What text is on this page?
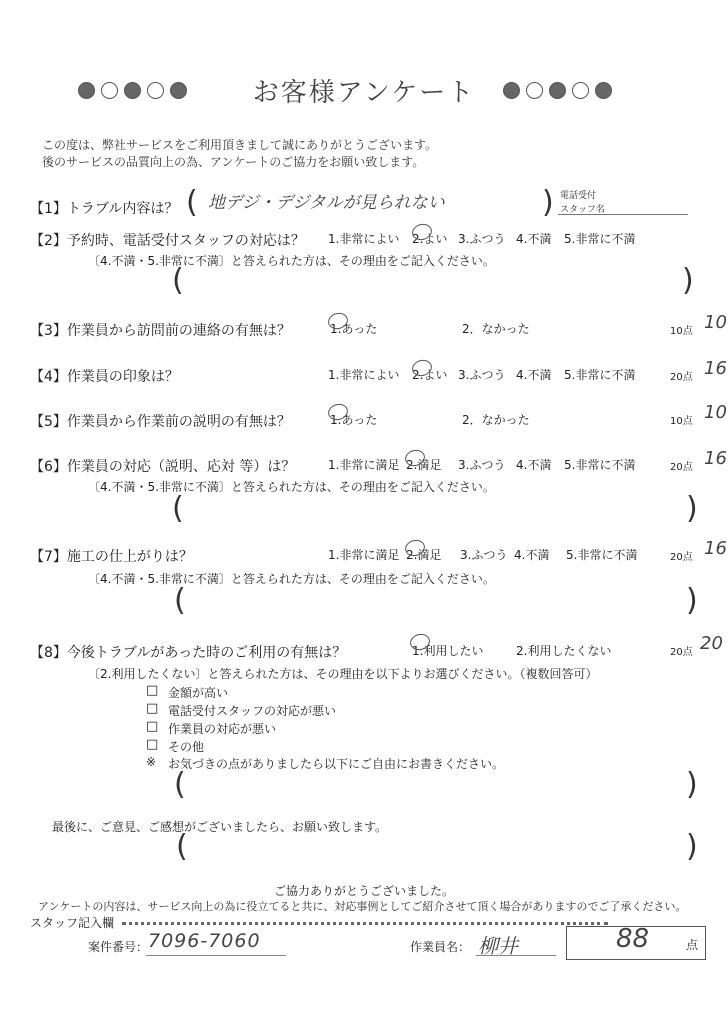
お客様アンケート
この度は、弊社サービスをご利用頂きまして誠にありがとうございます。
後のサービスの品質向上の為、アンケートのご協力をお願い致します。
【1】トラブル内容は？ ( 地デジ・デジタルが見られない	) 電話受付
スタッフ名
【2】予約時、電話受付スタッフの対応は？ 1.非常によい 2.よい 3.ふつう 4.不満 5.非常に不満
〔4.不満・5.非常に不満〕と答えられた方は、その理由をご記入ください。
(	)
【3】作業員から訪問前の連絡の有無は？	1.あった	2．なかった	10点 10
【4】作業員の印象は？	1.非常によい 2.よい 3.ふつう 4.不満 5.非常に不満	20点 16
【5】作業員から作業前の説明の有無は？	1.あった	2．なかった	10点 10
【6】作業員の対応（説明、応対 等）は？	1.非常に満足 2.満足 3.ふつう 4.不満 5.非常に不満	20点 16
〔4.不満・5.非常に不満〕と答えられた方は、その理由をご記入ください。
(	)
【7】施工の仕上がりは？	1.非常に満足 2.満足 3.ふつう 4.不満 5.非常に不満	20点 16
〔4.不満・5.非常に不満〕と答えられた方は、その理由をご記入ください。
(	)
【8】今後トラブルがあった時のご利用の有無は？	1.利用したい	2.利用したくない	20点 20
〔2.利用したくない〕と答えられた方は、その理由を以下よりお選びください。（複数回答可）
□ 金額が高い
□ 電話受付スタッフの対応が悪い
□ 作業員の対応が悪い
□ その他
※ お気づきの点がありましたら以下にご自由にお書きください。
(	)
最後に、ご意見、ご感想がございましたら、お願い致します。
(	)
ご協力ありがとうございました。
アンケートの内容は、サービス向上の為に役立てると共に、対応事例としてご紹介させて頂く場合がありますのでご了承ください。
スタッフ記入欄
案件番号： 7096-7060	作業員名： 柳井	88	点
